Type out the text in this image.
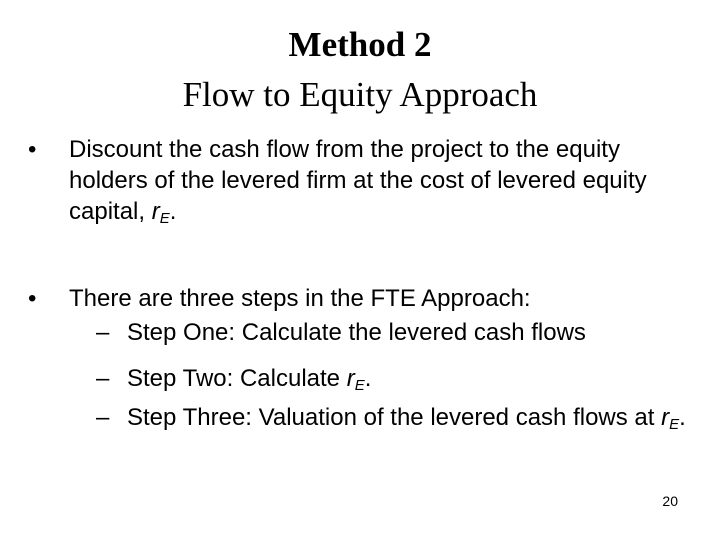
Method 2
Flow to Equity Approach
•	Discount the cash flow from the project to the equity holders of the levered firm at the cost of levered equity capital, $r_E$.
•	There are three steps in the FTE Approach:
– Step One: Calculate the levered cash flows
– Step Two: Calculate $r_E$.
– Step Three: Valuation of the levered cash flows at $r_E$.
20
